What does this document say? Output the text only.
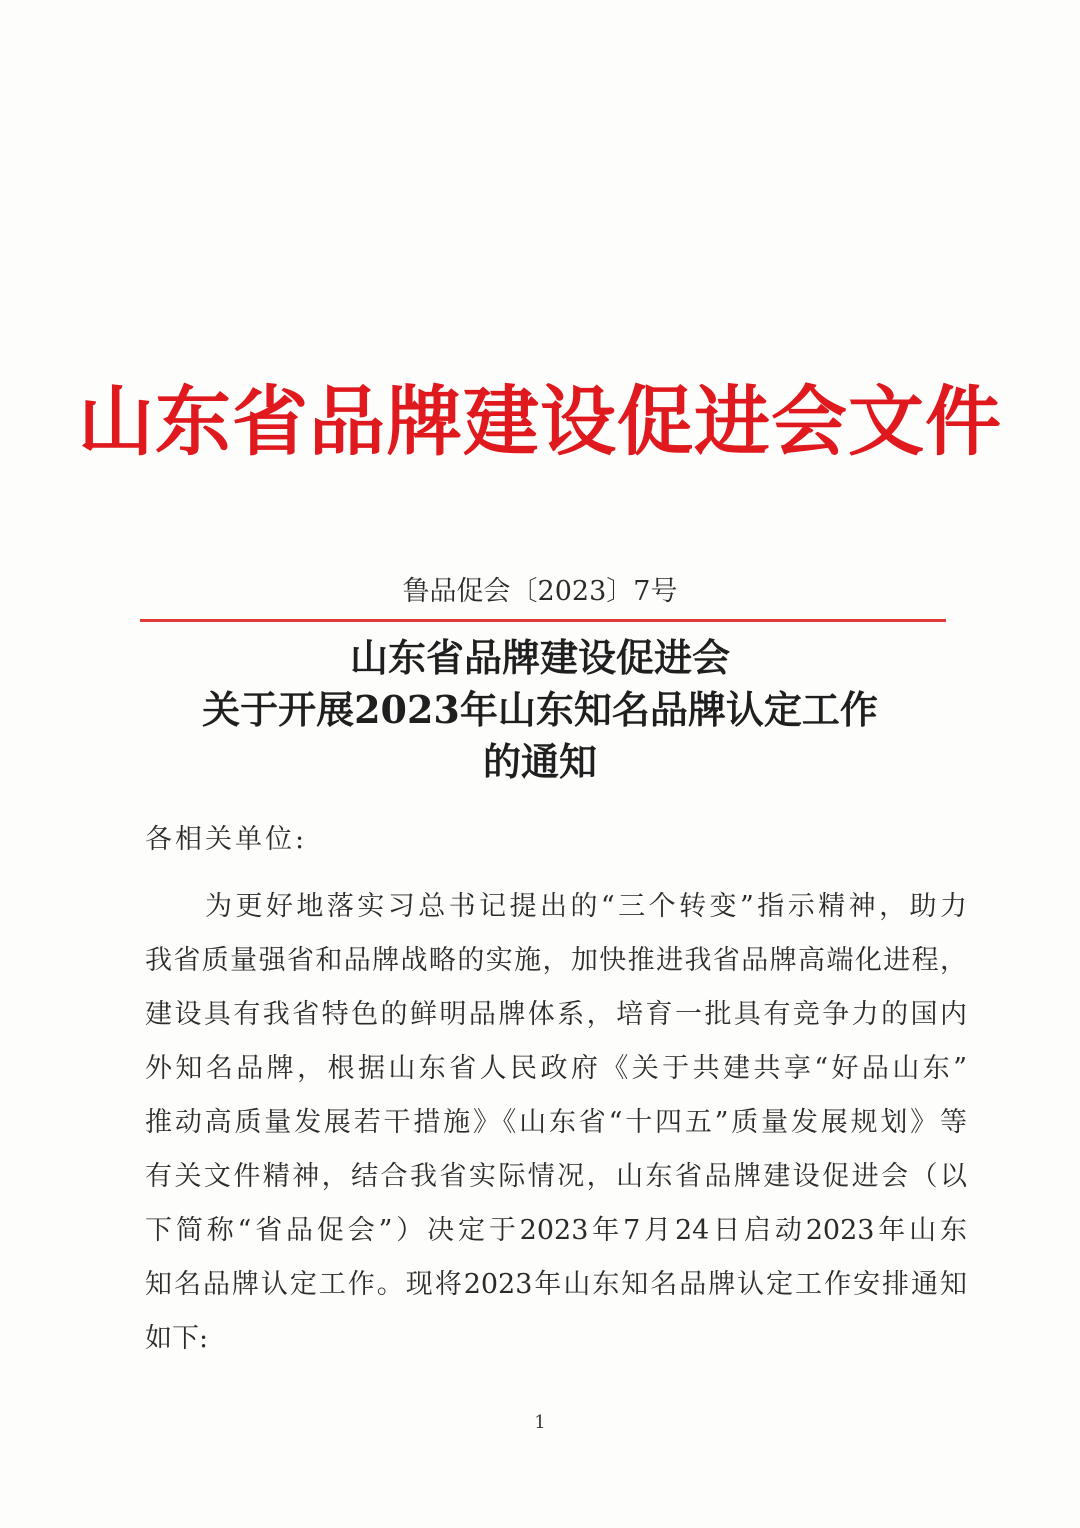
山东省品牌建设促进会文件
鲁品促会〔2023〕7号
山东省品牌建设促进会
关于开展2023年山东知名品牌认定工作
的通知
各相关单位:
为更好地落实习总书记提出的“三个转变”指示精神，助力
我省质量强省和品牌战略的实施，加快推进我省品牌高端化进程，
建设具有我省特色的鲜明品牌体系，培育一批具有竞争力的国内
外知名品牌，根据山东省人民政府《关于共建共享“好品山东”
推动高质量发展若干措施》《山东省“十四五”质量发展规划》等
有关文件精神，结合我省实际情况，山东省品牌建设促进会（以
下简称“省品促会”）决定于2023年7月24日启动2023年山东
知名品牌认定工作。现将2023年山东知名品牌认定工作安排通知
如下:
1
